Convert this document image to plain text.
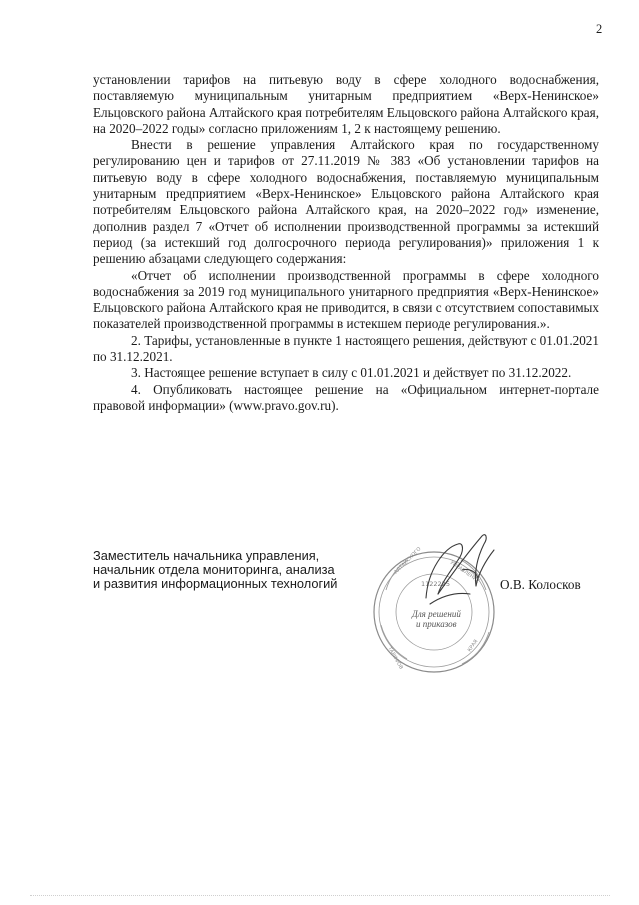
2

установлении тарифов на питьевую воду в сфере холодного водоснабжения, поставляемую муниципальным унитарным предприятием «Верх-Ненинское» Ельцовского района Алтайского края потребителям Ельцовского района Алтайского края, на 2020–2022 годы» согласно приложениям 1, 2 к настоящему решению.

Внести в решение управления Алтайского края по государственному регулированию цен и тарифов от 27.11.2019 № 383 «Об установлении тарифов на питьевую воду в сфере холодного водоснабжения, поставляемую муниципальным унитарным предприятием «Верх-Ненинское» Ельцовского района Алтайского края потребителям Ельцовского района Алтайского края, на 2020–2022 год» изменение, дополнив раздел 7 «Отчет об исполнении производственной программы за истекший период (за истекший год долгосрочного периода регулирования)» приложения 1 к решению абзацами следующего содержания:

«Отчет об исполнении производственной программы в сфере холодного водоснабжения за 2019 год муниципального унитарного предприятия «Верх-Ненинское» Ельцовского района Алтайского края не приводится, в связи с отсутствием сопоставимых показателей производственной программы в истекшем периоде регулирования.».

2. Тарифы, установленные в пункте 1 настоящего решения, действуют с 01.01.2021 по 31.12.2021.

3. Настоящее решение вступает в силу с 01.01.2021 и действует по 31.12.2022.

4. Опубликовать настоящее решение на «Официальном интернет-портале правовой информации» (www.pravo.gov.ru).

Заместитель начальника управления,
начальник отдела мониторинга, анализа
и развития информационных технологий
АЛТАЙСКОГО	УПРАВЛЕНИЕ
ТАРИФОВ
КРАЯ
1122225
Для решений
и приказов
О.В. Колосков
